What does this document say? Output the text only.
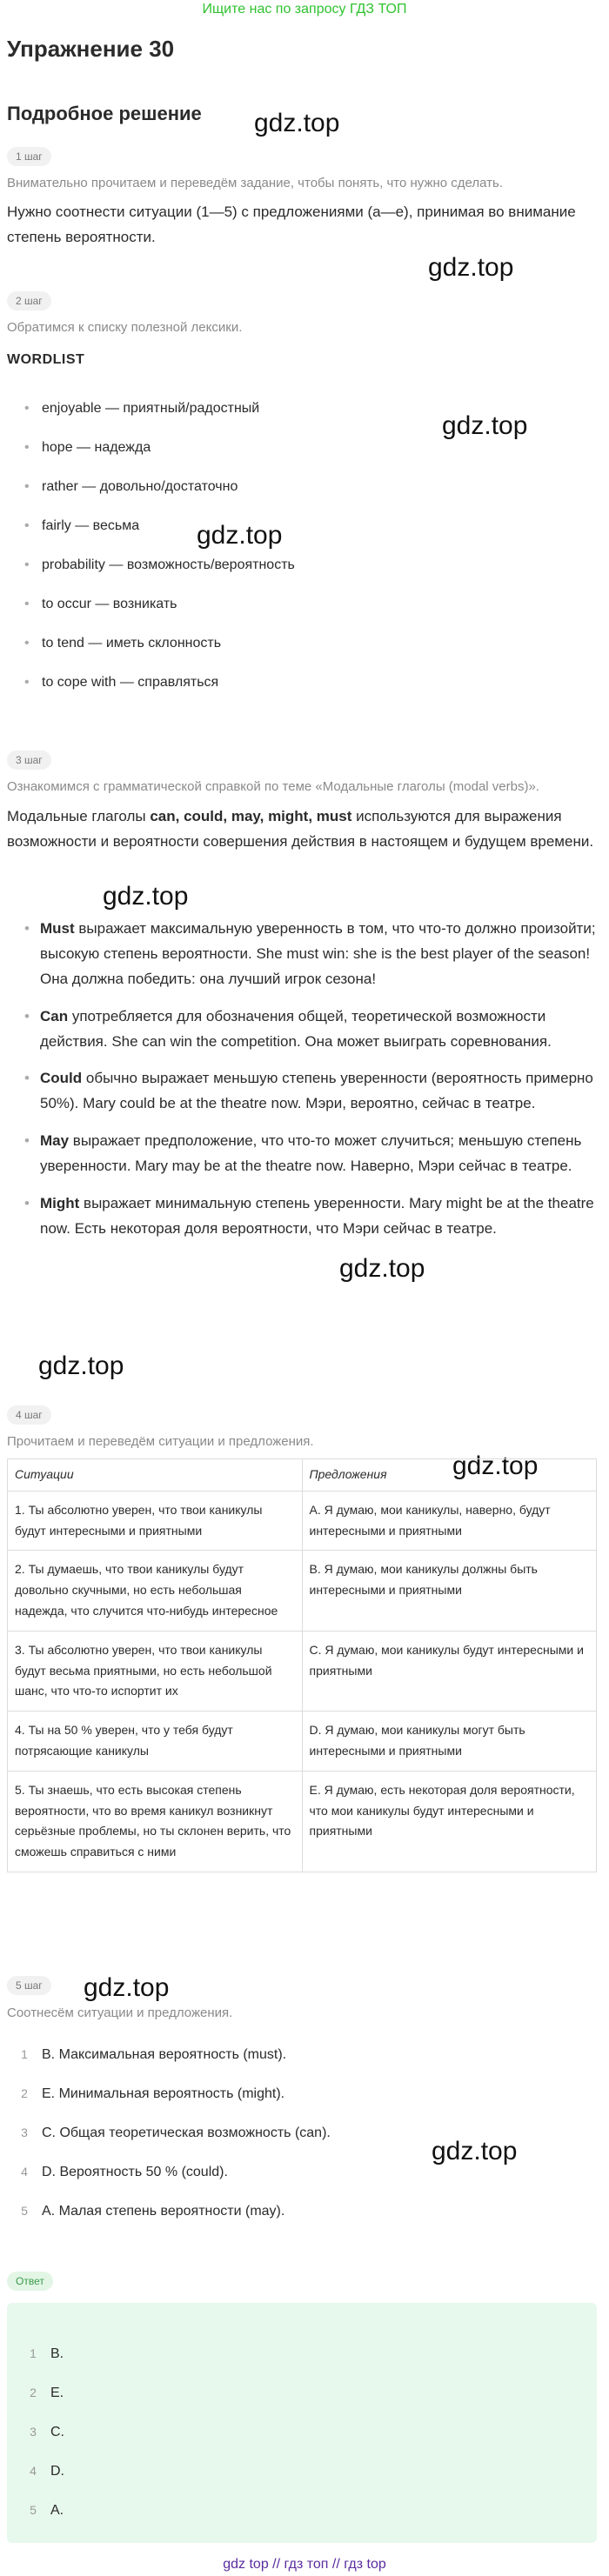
Ищите нас по запросу ГДЗ ТОП
Упражнение 30
Подробное решение gdz.top
gdz.top
gdz.top
gdz.top
gdz.top
gdz.top
gdz.top
gdz.top
gdz.top
gdz.top
1 шаг
Внимательно прочитаем и переведём задание, чтобы понять, что нужно сделать.
Нужно соотнести ситуации (1—5) с предложениями (a—e), принимая во внимание степень вероятности.
2 шаг
Обратимся к списку полезной лексики.
WORDLIST
• enjoyable — приятный/радостный
• hope — надежда
• rather — довольно/достаточно
• fairly — весьма
• probability — возможность/вероятность
• to occur — возникать
• to tend — иметь склонность
• to cope with — справляться
3 шаг
Ознакомимся с грамматической справкой по теме «Модальные глаголы (modal verbs)».
Модальные глаголы can, could, may, might, must используются для выражения возможности и вероятности совершения действия в настоящем и будущем времени.
• Must выражает максимальную уверенность в том, что что-то должно произойти; высокую степень вероятности. She must win: she is the best player of the season! Она должна победить: она лучший игрок сезона!
• Can употребляется для обозначения общей, теоретической возможности действия. She can win the competition. Она может выиграть соревнования.
• Could обычно выражает меньшую степень уверенности (вероятность примерно 50%). Mary could be at the theatre now. Мэри, вероятно, сейчас в театре.
• May выражает предположение, что что-то может случиться; меньшую степень уверенности. Mary may be at the theatre now. Наверно, Мэри сейчас в театре.
• Might выражает минимальную степень уверенности. Mary might be at the theatre now. Есть некоторая доля вероятности, что Мэри сейчас в театре.
4 шаг
Прочитаем и переведём ситуации и предложения.
Ситуации	Предложения
1. Ты абсолютно уверен, что твои каникулы будут интересными и приятными	A. Я думаю, мои каникулы, наверно, будут интересными и приятными
2. Ты думаешь, что твои каникулы будут довольно скучными, но есть небольшая надежда, что случится что-нибудь интересное	B. Я думаю, мои каникулы должны быть интересными и приятными
3. Ты абсолютно уверен, что твои каникулы будут весьма приятными, но есть небольшой шанс, что что-то испортит их	C. Я думаю, мои каникулы будут интересными и приятными
4. Ты на 50 % уверен, что у тебя будут потрясающие каникулы	D. Я думаю, мои каникулы могут быть интересными и приятными
5. Ты знаешь, что есть высокая степень вероятности, что во время каникул возникнут серьёзные проблемы, но ты склонен верить, что сможешь справиться с ними	E. Я думаю, есть некоторая доля вероятности, что мои каникулы будут интересными и приятными
5 шаг
Соотнесём ситуации и предложения.
1 B. Максимальная вероятность (must).
2 E. Минимальная вероятность (might).
3 C. Общая теоретическая возможность (can).
4 D. Вероятность 50 % (could).
5 A. Малая степень вероятности (may).
Ответ
1 B.
2 E.
3 C.
4 D.
5 A.
gdz top // гдз топ // гдз top
